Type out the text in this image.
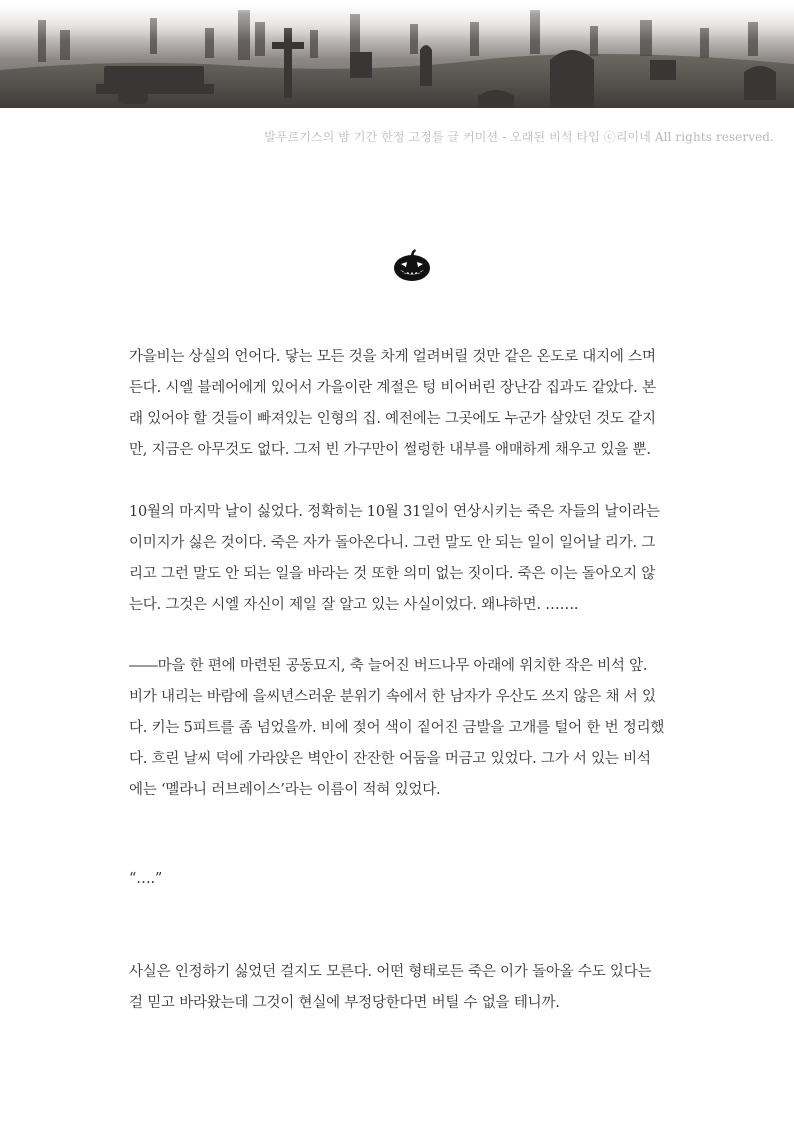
발푸르기스의 밤 기간 한정 고정틀 글 커미션 - 오래된 비석 타입 ⓒ리이네 All rights reserved.

가을비는 상실의 언어다. 닿는 모든 것을 차게 얼려버릴 것만 같은 온도로 대지에 스며
든다. 시엘 블레어에게 있어서 가을이란 계절은 텅 비어버린 장난감 집과도 같았다. 본
래 있어야 할 것들이 빠져있는 인형의 집. 예전에는 그곳에도 누군가 살았던 것도 같지
만, 지금은 아무것도 없다. 그저 빈 가구만이 썰렁한 내부를 애매하게 채우고 있을 뿐.

10월의 마지막 날이 싫었다. 정확히는 10월 31일이 연상시키는 죽은 자들의 날이라는
이미지가 싫은 것이다. 죽은 자가 돌아온다니. 그런 말도 안 되는 일이 일어날 리가. 그
리고 그런 말도 안 되는 일을 바라는 것 또한 의미 없는 짓이다. 죽은 이는 돌아오지 않
는다. 그것은 시엘 자신이 제일 잘 알고 있는 사실이었다. 왜냐하면. …….

――마을 한 편에 마련된 공동묘지, 축 늘어진 버드나무 아래에 위치한 작은 비석 앞.
비가 내리는 바람에 을씨년스러운 분위기 속에서 한 남자가 우산도 쓰지 않은 채 서 있
다. 키는 5피트를 좀 넘었을까. 비에 젖어 색이 짙어진 금발을 고개를 털어 한 번 정리했
다. 흐린 날씨 덕에 가라앉은 벽안이 잔잔한 어둠을 머금고 있었다. 그가 서 있는 비석
에는 ‘멜라니 러브레이스’라는 이름이 적혀 있었다.

“….”

사실은 인정하기 싫었던 걸지도 모른다. 어떤 형태로든 죽은 이가 돌아올 수도 있다는
걸 믿고 바라왔는데 그것이 현실에 부정당한다면 버틸 수 없을 테니까.
